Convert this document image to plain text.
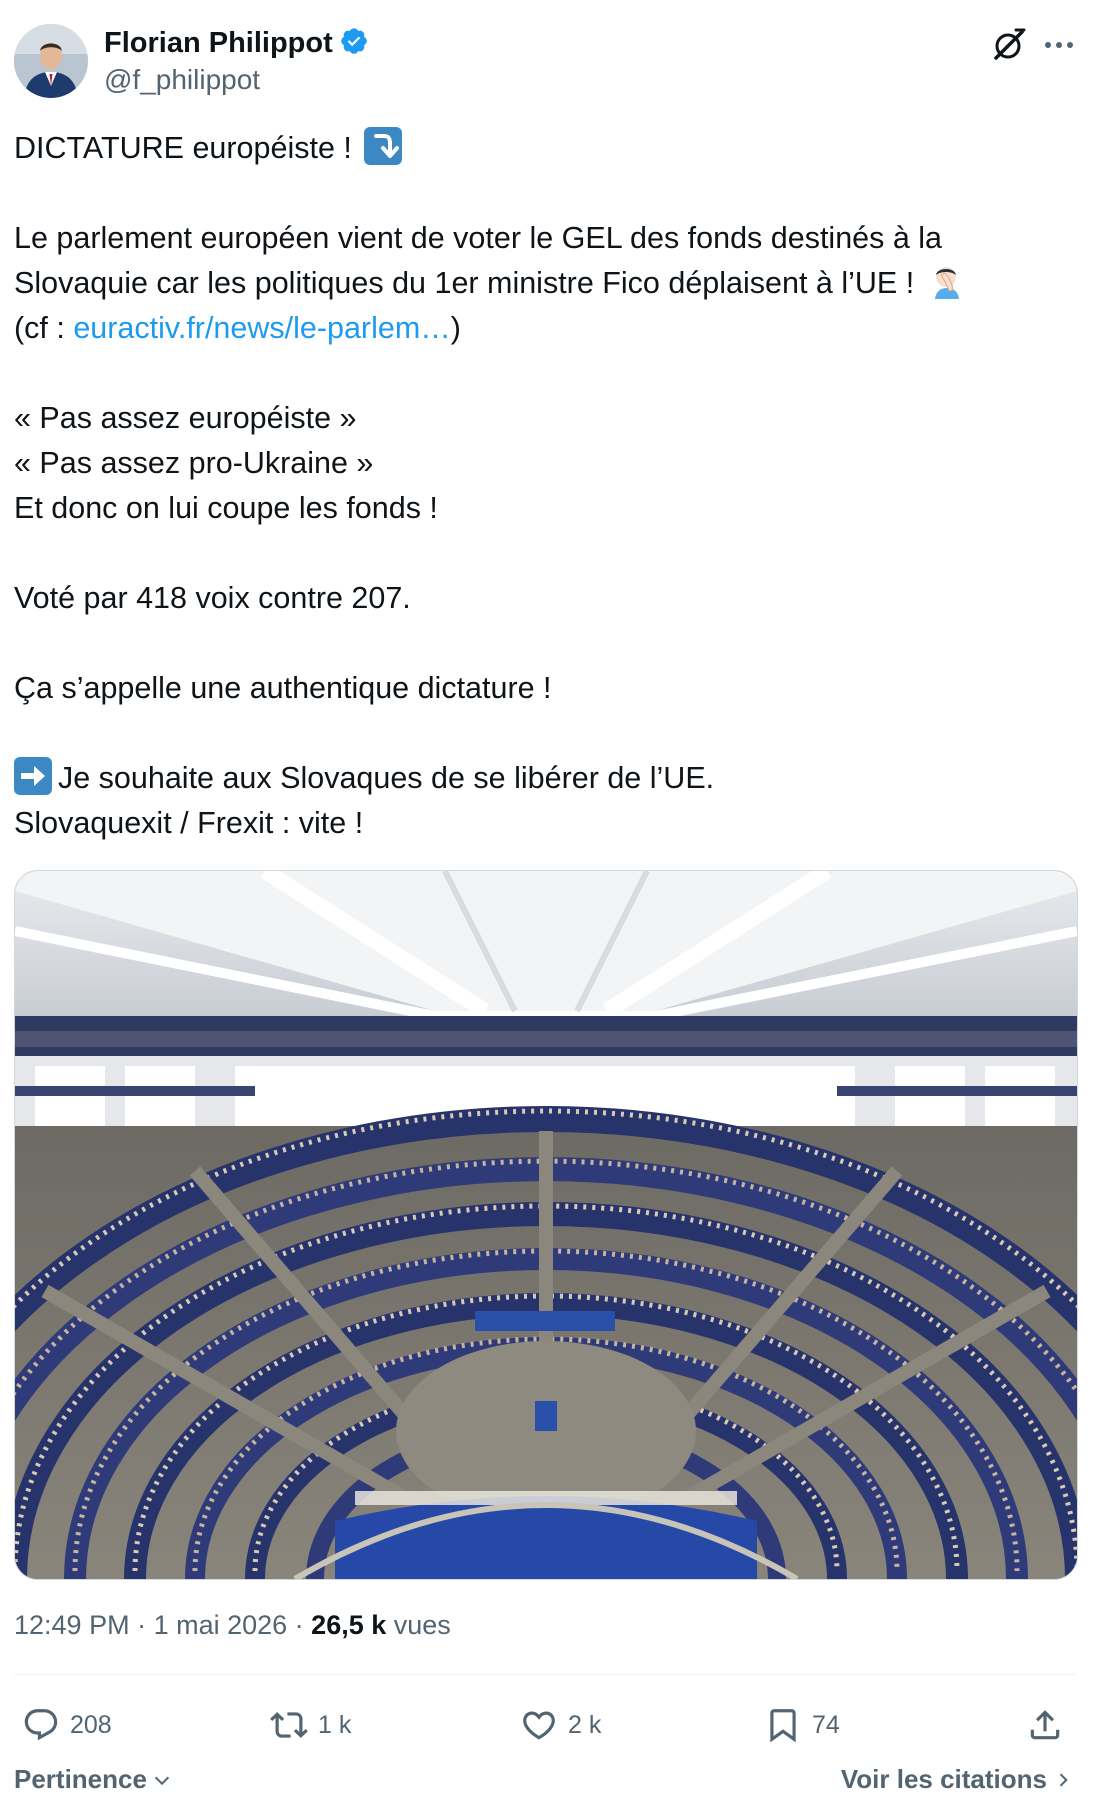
Florian Philippot
@f_philippot
DICTATURE européiste !
Le parlement européen vient de voter le GEL des fonds destinés à la
Slovaquie car les politiques du 1er ministre Fico déplaisent à l’UE !
(cf : euractiv.fr/news/le-parlem…)
« Pas assez européiste »
« Pas assez pro-Ukraine »
Et donc on lui coupe les fonds !
Voté par 418 voix contre 207.
Ça s’appelle une authentique dictature !
Je souhaite aux Slovaques de se libérer de l’UE.
Slovaquexit / Frexit : vite !
12:49 PM · 1 mai 2026 · 26,5 k vues
208	1 k	2 k	74
Pertinence	Voir les citations
